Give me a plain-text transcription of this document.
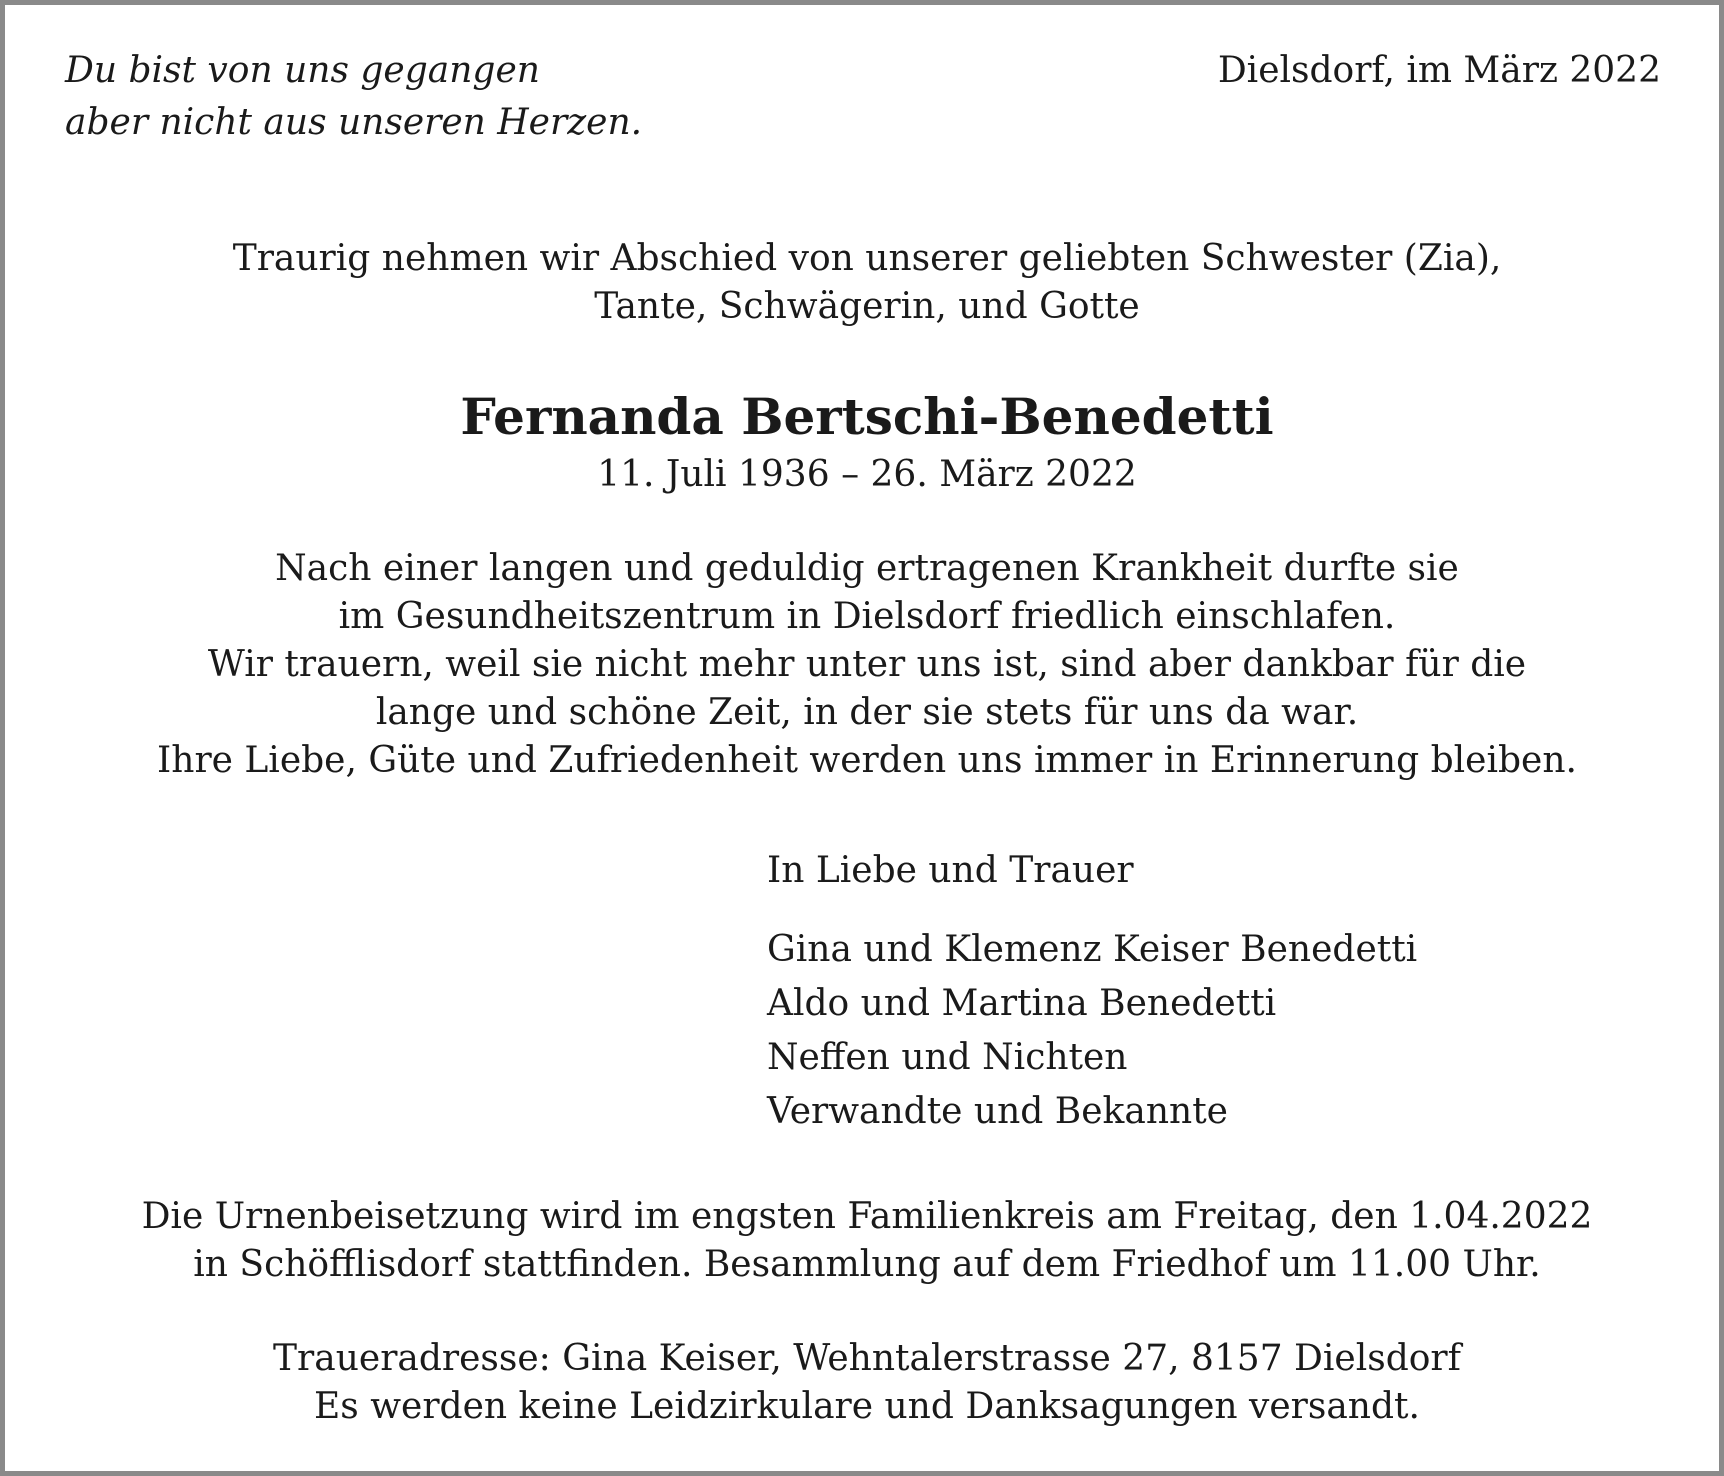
Du bist von uns gegangen
aber nicht aus unseren Herzen.
Dielsdorf, im März 2022
Traurig nehmen wir Abschied von unserer geliebten Schwester (Zia),
Tante, Schwägerin, und Gotte
Fernanda Bertschi-Benedetti
11. Juli 1936 – 26. März 2022
Nach einer langen und geduldig ertragenen Krankheit durfte sie
im Gesundheitszentrum in Dielsdorf friedlich einschlafen.
Wir trauern, weil sie nicht mehr unter uns ist, sind aber dankbar für die
lange und schöne Zeit, in der sie stets für uns da war.
Ihre Liebe, Güte und Zufriedenheit werden uns immer in Erinnerung bleiben.
In Liebe und Trauer
Gina und Klemenz Keiser Benedetti
Aldo und Martina Benedetti
Neffen und Nichten
Verwandte und Bekannte
Die Urnenbeisetzung wird im engsten Familienkreis am Freitag, den 1.04.2022
in Schöfflisdorf stattfinden. Besammlung auf dem Friedhof um 11.00 Uhr.
Traueradresse: Gina Keiser, Wehntalerstrasse 27, 8157 Dielsdorf
Es werden keine Leidzirkulare und Danksagungen versandt.
